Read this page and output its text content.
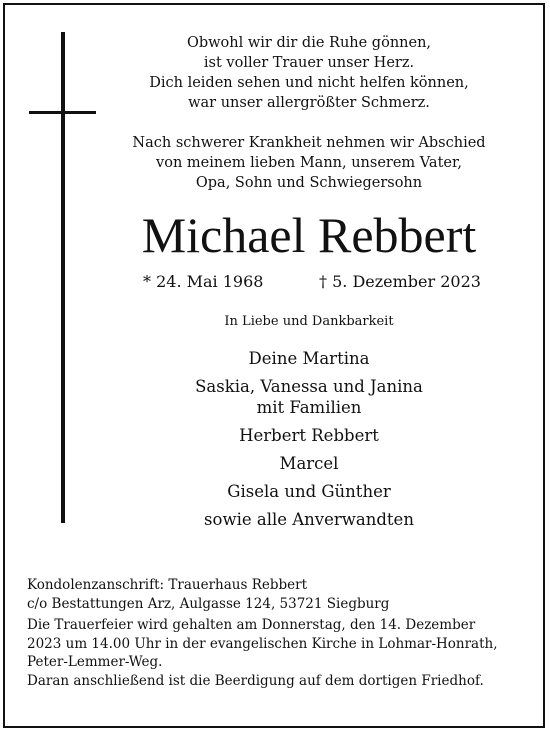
Obwohl wir dir die Ruhe gönnen,
ist voller Trauer unser Herz.
Dich leiden sehen und nicht helfen können,
war unser allergrößter Schmerz.
Nach schwerer Krankheit nehmen wir Abschied
von meinem lieben Mann, unserem Vater,
Opa, Sohn und Schwiegersohn
Michael Rebbert
* 24. Mai 1968	† 5. Dezember 2023
In Liebe und Dankbarkeit
Deine Martina
Saskia, Vanessa und Janina
mit Familien
Herbert Rebbert
Marcel
Gisela und Günther
sowie alle Anverwandten
Kondolenzanschrift: Trauerhaus Rebbert
c/o Bestattungen Arz, Aulgasse 124, 53721 Siegburg
Die Trauerfeier wird gehalten am Donnerstag, den 14. Dezember
2023 um 14.00 Uhr in der evangelischen Kirche in Lohmar-Honrath,
Peter-Lemmer-Weg.
Daran anschließend ist die Beerdigung auf dem dortigen Friedhof.
